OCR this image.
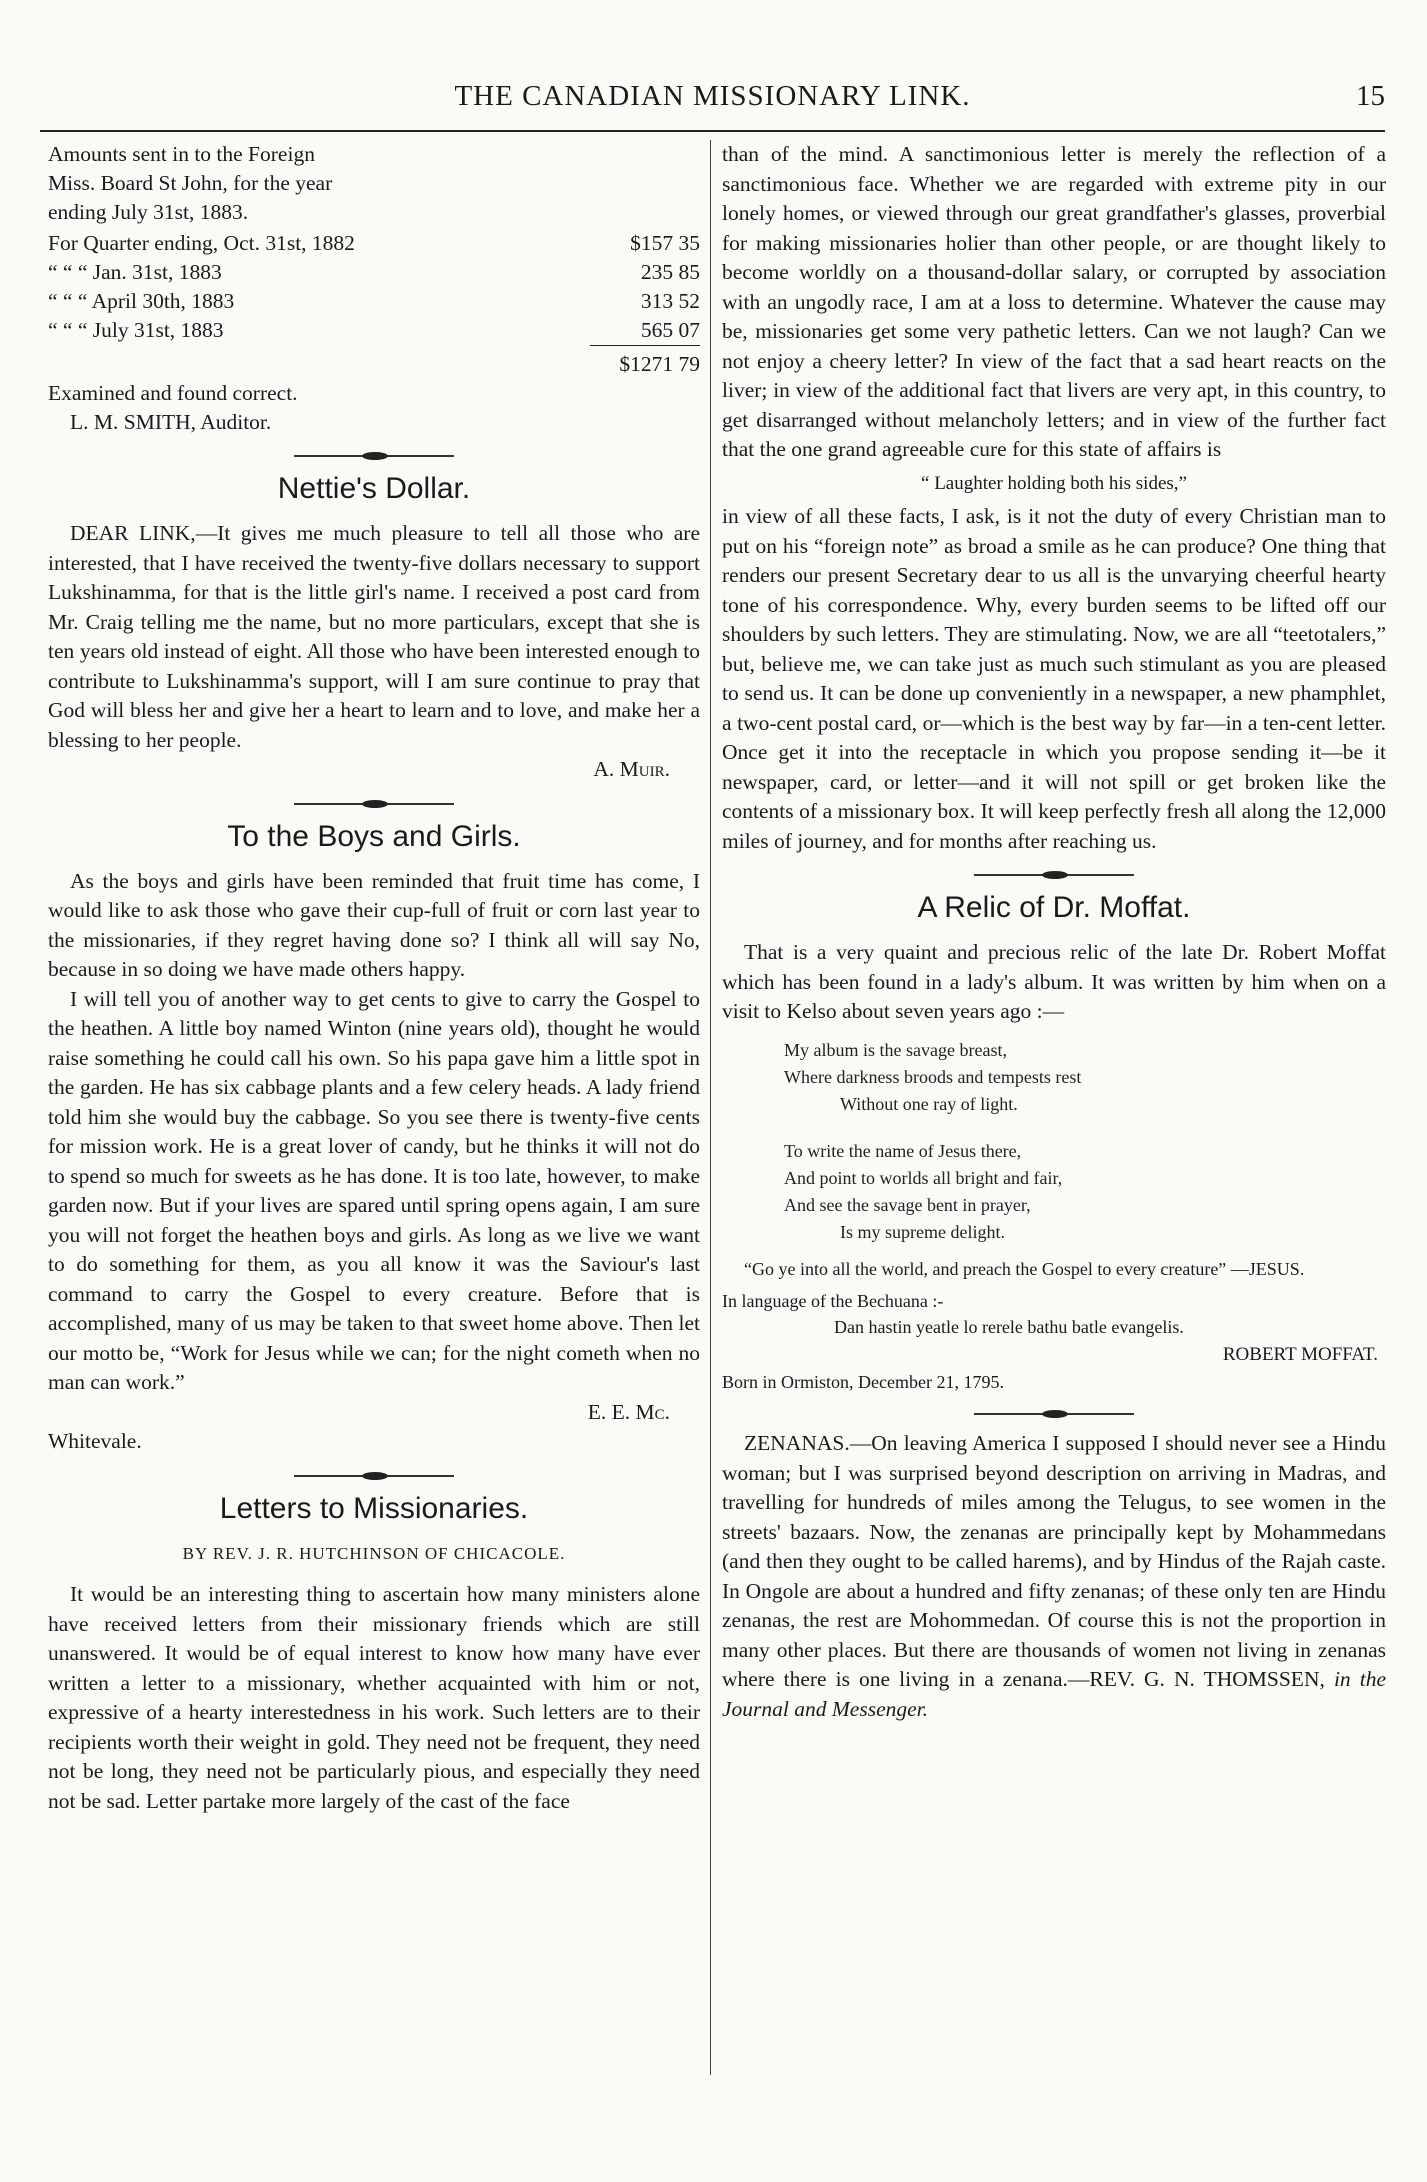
THE CANADIAN MISSIONARY LINK.	15

Amounts sent in to the Foreign

Miss. Board St John, for the year

ending July 31st, 1883.

For Quarter ending, Oct. 31st, 1882	$157 35
“ “ “ Jan. 31st, 1883	235 85
“ “ “ April 30th, 1883	313 52
“ “ “ July 31st, 1883	565 07
	$1271 79

Examined and found correct.

L. M. SMITH, Auditor.

Nettie's Dollar.

DEAR LINK,—It gives me much pleasure to tell all those who are interested, that I have received the twenty-five dollars necessary to support Lukshinamma, for that is the little girl's name. I received a post card from Mr. Craig telling me the name, but no more particulars, except that she is ten years old instead of eight. All those who have been interested enough to contribute to Lukshinamma's support, will I am sure continue to pray that God will bless her and give her a heart to learn and to love, and make her a blessing to her people.

A. Muir.
To the Boys and Girls.

As the boys and girls have been reminded that fruit time has come, I would like to ask those who gave their cup-full of fruit or corn last year to the missionaries, if they regret having done so? I think all will say No, because in so doing we have made others happy.

I will tell you of another way to get cents to give to carry the Gospel to the heathen. A little boy named Winton (nine years old), thought he would raise something he could call his own. So his papa gave him a little spot in the garden. He has six cabbage plants and a few celery heads. A lady friend told him she would buy the cabbage. So you see there is twenty-five cents for mission work. He is a great lover of candy, but he thinks it will not do to spend so much for sweets as he has done. It is too late, however, to make garden now. But if your lives are spared until spring opens again, I am sure you will not forget the heathen boys and girls. As long as we live we want to do something for them, as you all know it was the Saviour's last command to carry the Gospel to every creature. Before that is accomplished, many of us may be taken to that sweet home above. Then let our motto be, “Work for Jesus while we can; for the night cometh when no man can work.”

E. E. Mc.

Whitevale.

Letters to Missionaries.
BY REV. J. R. HUTCHINSON OF CHICACOLE.

It would be an interesting thing to ascertain how many ministers alone have received letters from their missionary friends which are still unanswered. It would be of equal interest to know how many have ever written a letter to a missionary, whether acquainted with him or not, expressive of a hearty interestedness in his work. Such letters are to their recipients worth their weight in gold. They need not be frequent, they need not be long, they need not be particularly pious, and especially they need not be sad. Letter partake more largely of the cast of the face

than of the mind. A sanctimonious letter is merely the reflection of a sanctimonious face. Whether we are regarded with extreme pity in our lonely homes, or viewed through our great grandfather's glasses, proverbial for making missionaries holier than other people, or are thought likely to become worldly on a thousand-dollar salary, or corrupted by association with an ungodly race, I am at a loss to determine. Whatever the cause may be, missionaries get some very pathetic letters. Can we not laugh? Can we not enjoy a cheery letter? In view of the fact that a sad heart reacts on the liver; in view of the additional fact that livers are very apt, in this country, to get disarranged without melancholy letters; and in view of the further fact that the one grand agreeable cure for this state of affairs is

“ Laughter holding both his sides,”

in view of all these facts, I ask, is it not the duty of every Christian man to put on his “foreign note” as broad a smile as he can produce? One thing that renders our present Secretary dear to us all is the unvarying cheerful hearty tone of his correspondence. Why, every burden seems to be lifted off our shoulders by such letters. They are stimulating. Now, we are all “teetotalers,” but, believe me, we can take just as much such stimulant as you are pleased to send us. It can be done up conveniently in a newspaper, a new phamphlet, a two-cent postal card, or—which is the best way by far—in a ten-cent letter. Once get it into the receptacle in which you propose sending it—be it newspaper, card, or letter—and it will not spill or get broken like the contents of a missionary box. It will keep perfectly fresh all along the 12,000 miles of journey, and for months after reaching us.

A Relic of Dr. Moffat.

That is a very quaint and precious relic of the late Dr. Robert Moffat which has been found in a lady's album. It was written by him when on a visit to Kelso about seven years ago :—

My album is the savage breast,
Where darkness broods and tempests rest
Without one ray of light.
To write the name of Jesus there,
And point to worlds all bright and fair,
And see the savage bent in prayer,
Is my supreme delight.

“Go ye into all the world, and preach the Gospel to every creature” —JESUS.

In language of the Bechuana :-

Dan hastin yeatle lo rerele bathu batle evangelis.

ROBERT MOFFAT.

Born in Ormiston, December 21, 1795.

ZENANAS.—On leaving America I supposed I should never see a Hindu woman; but I was surprised beyond description on arriving in Madras, and travelling for hundreds of miles among the Telugus, to see women in the streets' bazaars. Now, the zenanas are principally kept by Mohammedans (and then they ought to be called harems), and by Hindus of the Rajah caste. In Ongole are about a hundred and fifty zenanas; of these only ten are Hindu zenanas, the rest are Mohommedan. Of course this is not the proportion in many other places. But there are thousands of women not living in zenanas where there is one living in a zenana.—REV. G. N. THOMSSEN, in the Journal and Messenger.
